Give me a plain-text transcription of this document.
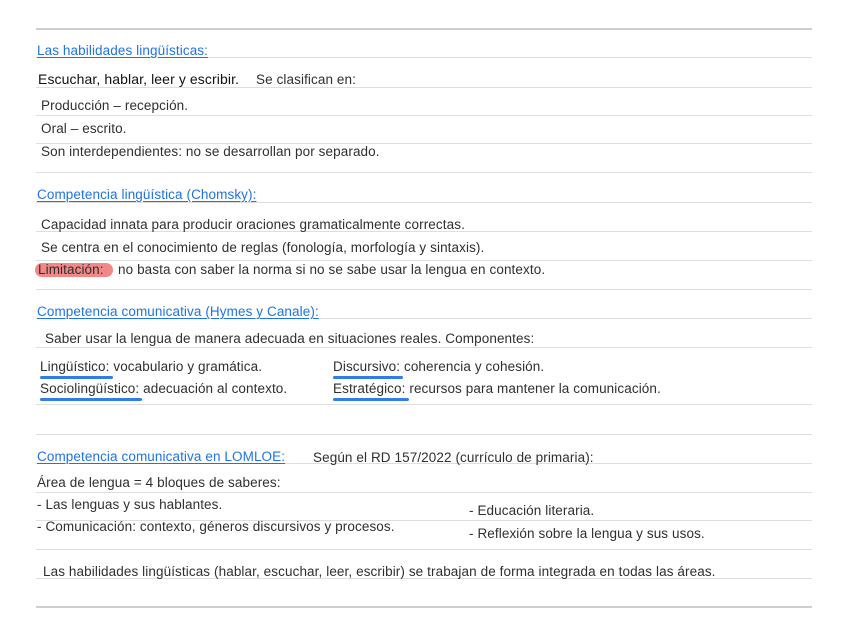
Las habilidades lingüísticas:
Escuchar, hablar, leer y escribir. Se clasifican en:
Producción – recepción.
Oral – escrito.
Son interdependientes: no se desarrollan por separado.
Competencia lingüística (Chomsky):
Capacidad innata para producir oraciones gramaticalmente correctas.
Se centra en el conocimiento de reglas (fonología, morfología y sintaxis).
Limitación: no basta con saber la norma si no se sabe usar la lengua en contexto.
Competencia comunicativa (Hymes y Canale):
Saber usar la lengua de manera adecuada en situaciones reales. Componentes:
Lingüístico: vocabulario y gramática.
Sociolingüístico: adecuación al contexto.
Discursivo: coherencia y cohesión.
Estratégico: recursos para mantener la comunicación.
Competencia comunicativa en LOMLOE: Según el RD 157/2022 (currículo de primaria):
Área de lengua = 4 bloques de saberes:
- Las lenguas y sus hablantes.
- Comunicación: contexto, géneros discursivos y procesos.
- Educación literaria.
- Reflexión sobre la lengua y sus usos.
Las habilidades lingüísticas (hablar, escuchar, leer, escribir) se trabajan de forma integrada en todas las áreas.
